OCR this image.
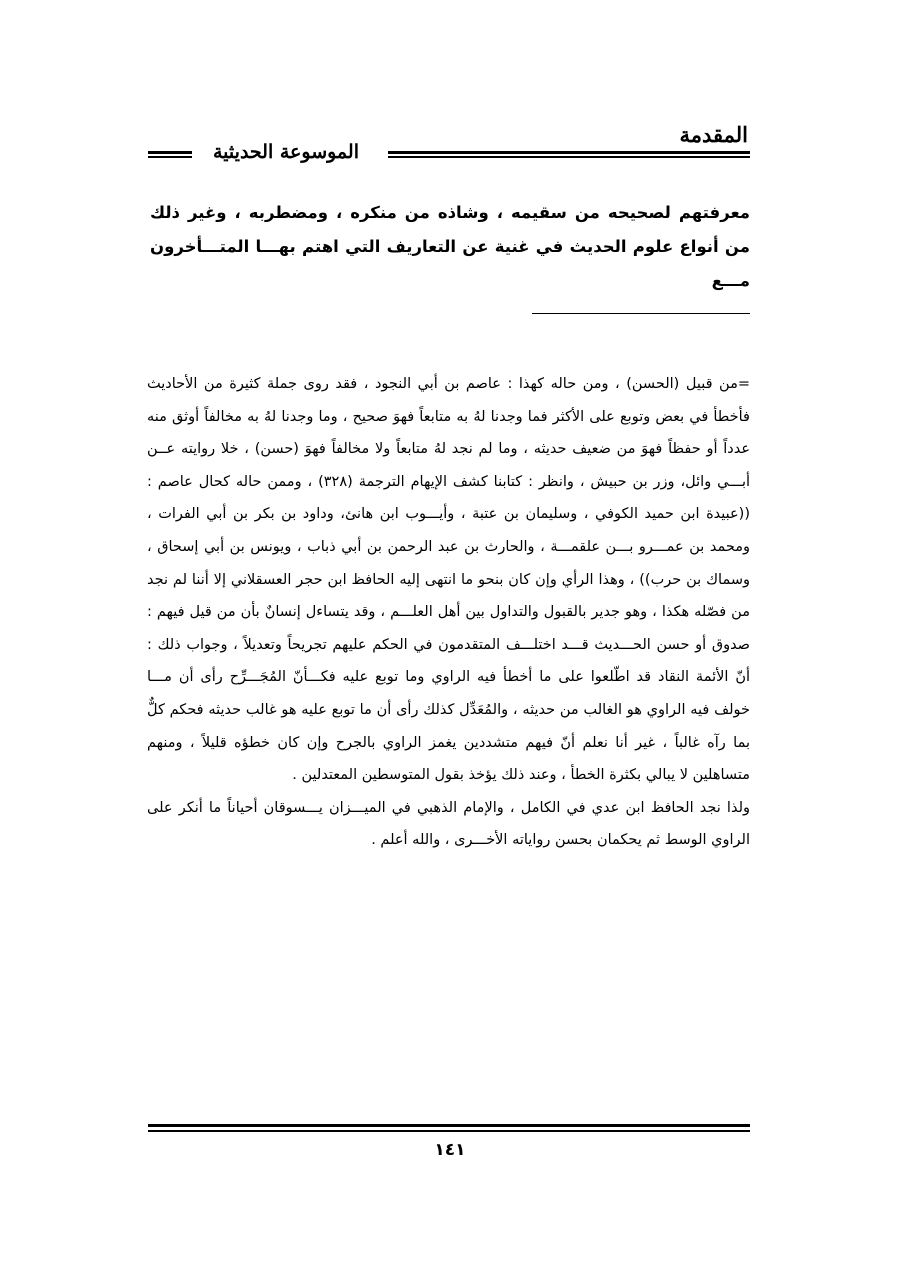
المقدمة
الموسوعة الحديثية

معرفتهم لصحيحه من سقيمه ، وشاذه من منكره ، ومضطربه ، وغير ذلك من أنواع علوم الحديث في غنية عن التعاريف التي اهتم بهـــا المتـــأخرون مـــع

=من قبيل (الحسن) ، ومن حاله كهذا : عاصم بن أبي النجود ، فقد روى جملة كثيرة من الأحاديث فأخطأ في بعض وتوبع على الأكثر فما وجدنا لهُ به متابعاً فهوَ صحيح ، وما وجدنا لهُ به مخالفاً أوثق منه عدداً أو حفظاً فهوَ من ضعيف حديثه ، وما لم نجد لهُ متابعاً ولا مخالفاً فهوَ (حسن) ، خلا روايته عــن أبـــي وائل، وزر بن حبيش ، وانظر : كتابنا كشف الإيهام الترجمة (٣٢٨) ، وممن حاله كحال عاصم : ((عبيدة ابن حميد الكوفي ، وسليمان بن عتبة ، وأيـــوب ابن هانئ، وداود بن بكر بن أبي الفرات ، ومحمد بن عمـــرو بـــن علقمـــة ، والحارث بن عبد الرحمن بن أبي ذباب ، ويونس بن أبي إسحاق ، وسماك بن حرب)) ، وهذا الرأي وإن كان بنحو ما انتهى إليه الحافظ ابن حجر العسقلاني إلا أننا لم نجد من فصّله هكذا ، وهو جدير بالقبول والتداول بين أهل العلـــم ، وقد يتساءل إنسانٌ بأن من قيل فيهم : صدوق أو حسن الحـــديث قـــد اختلـــف المتقدمون في الحكم عليهم تجريحاً وتعديلاً ، وجواب ذلك : أنّ الأئمة النقاد قد اطّلعوا على ما أخطأ فيه الراوي وما توبع عليه فكـــأنّ المُجَـــرِّح رأى أن مـــا خولف فيه الراوي هو الغالب من حديثه ، والمُعَدِّل كذلك رأى أن ما توبع عليه هو غالب حديثه فحكم كلٌّ بما رآه غالباً ، غير أنا نعلم أنّ فيهم متشددين يغمز الراوي بالجرح وإن كان خطؤه قليلاً ، ومنهم متساهلين لا يبالي بكثرة الخطأ ، وعند ذلك يؤخذ بقول المتوسطين المعتدلين .

ولذا نجد الحافظ ابن عدي في الكامل ، والإمام الذهبي في الميـــزان يـــسوقان أحياناً ما أنكر على الراوي الوسط ثم يحكمان بحسن رواياته الأخـــرى ، والله أعلم .

١٤١
